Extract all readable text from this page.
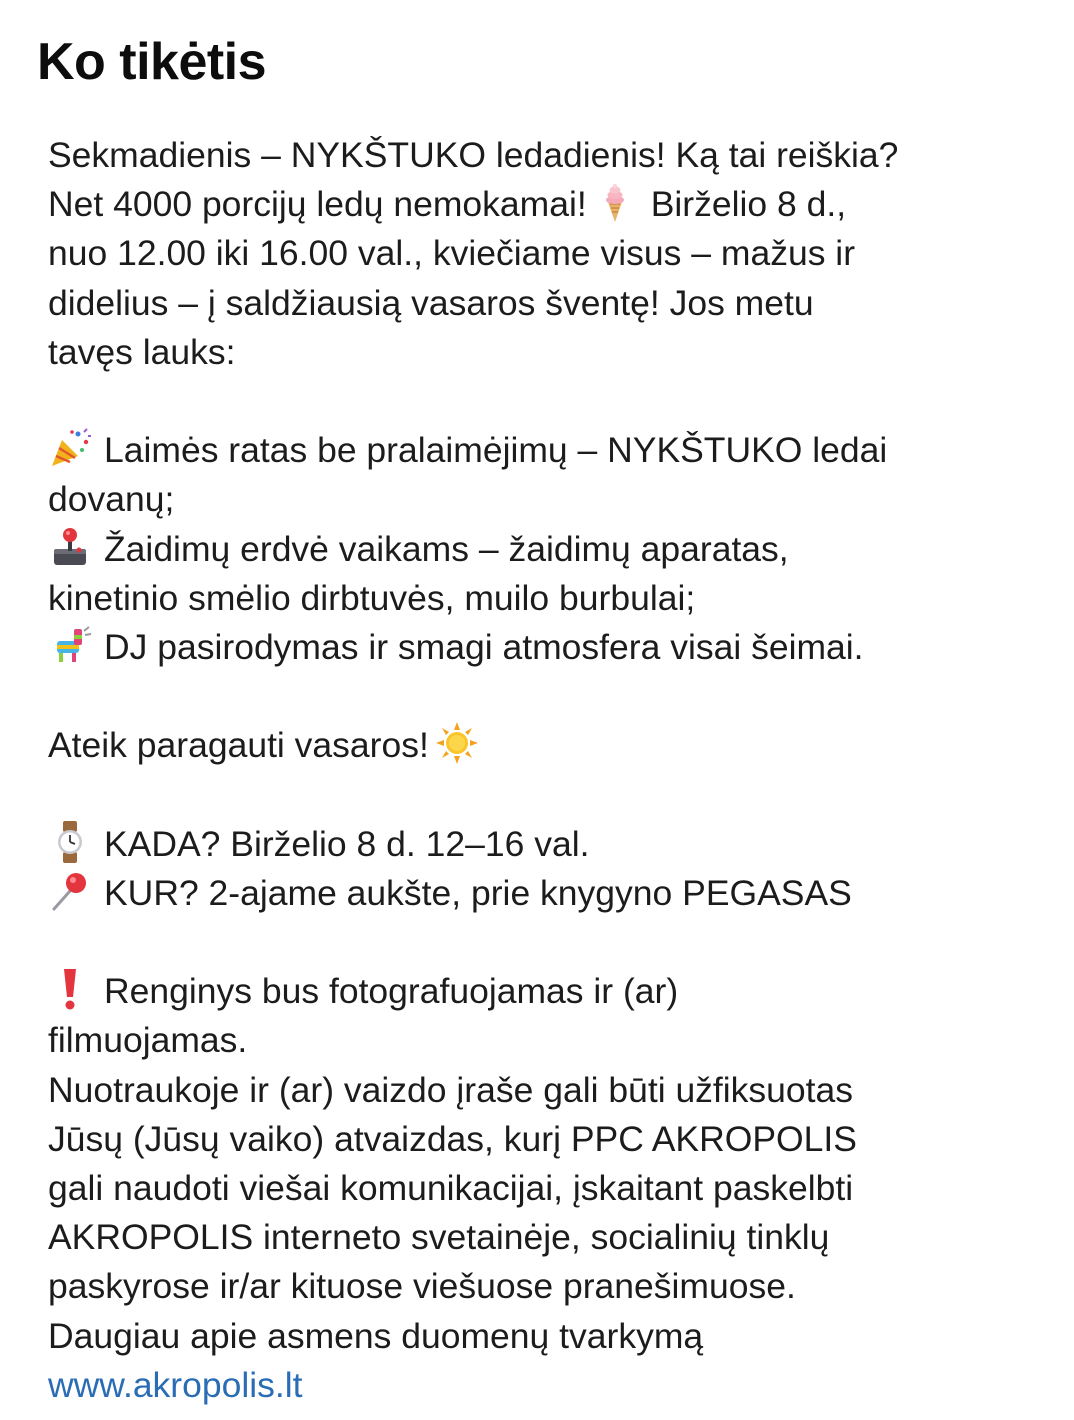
Ko tikėtis
Sekmadienis – NYKŠTUKO ledadienis! Ką tai reiškia?
Net 4000 porcijų ledų nemokamai! Birželio 8 d.,
nuo 12.00 iki 16.00 val., kviečiame visus – mažus ir
didelius – į saldžiausią vasaros šventę! Jos metu
tavęs lauks:
Laimės ratas be pralaimėjimų – NYKŠTUKO ledai
dovanų;
Žaidimų erdvė vaikams – žaidimų aparatas,
kinetinio smėlio dirbtuvės, muilo burbulai;
DJ pasirodymas ir smagi atmosfera visai šeimai.
Ateik paragauti vasaros!
KADA? Birželio 8 d. 12–16 val.
KUR? 2-ajame aukšte, prie knygyno PEGASAS
Renginys bus fotografuojamas ir (ar)
filmuojamas.
Nuotraukoje ir (ar) vaizdo įraše gali būti užfiksuotas
Jūsų (Jūsų vaiko) atvaizdas, kurį PPC AKROPOLIS
gali naudoti viešai komunikacijai, įskaitant paskelbti
AKROPOLIS interneto svetainėje, socialinių tinklų
paskyrose ir/ar kituose viešuose pranešimuose.
Daugiau apie asmens duomenų tvarkymą
www.akropolis.lt
